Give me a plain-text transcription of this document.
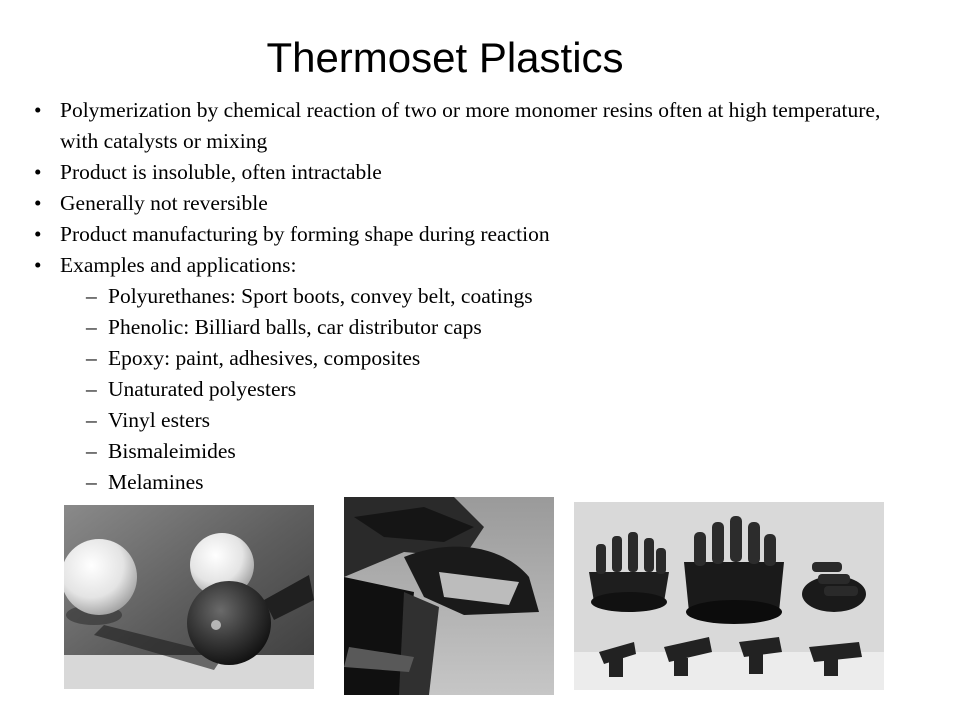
Thermoset Plastics
• Polymerization by chemical reaction of two or more monomer resins often at high temperature, with catalysts or mixing
• Product is insoluble, often intractable
• Generally not reversible
• Product manufacturing by forming shape during reaction
• Examples and applications:
– Polyurethanes: Sport boots, convey belt, coatings
– Phenolic: Billiard balls, car distributor caps
– Epoxy: paint, adhesives, composites
– Unaturated polyesters
– Vinyl esters
– Bismaleimides
– Melamines
